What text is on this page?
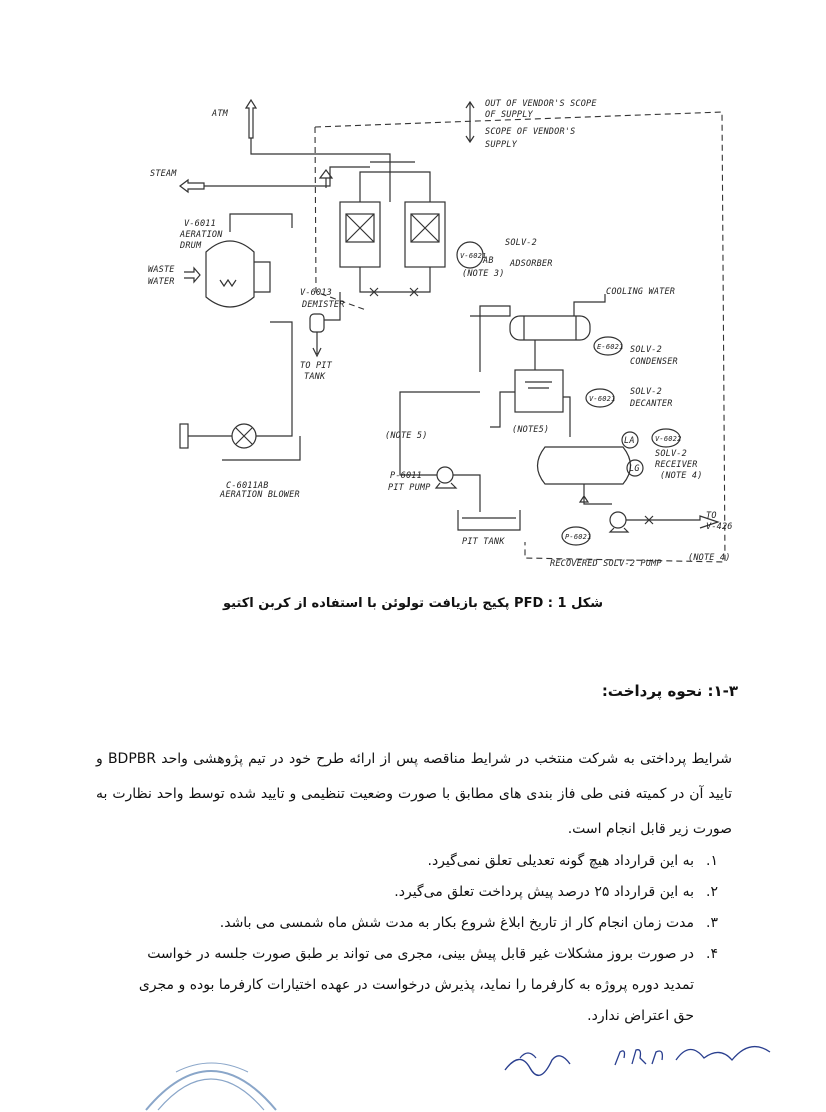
OUT OF VENDOR'S SCOPE
OF SUPPLY
SCOPE OF VENDOR'S
SUPPLY
ATM
STEAM
V-6021
AB
SOLV-2
ADSORBER
(NOTE 3)
V-6011
AERATION
DRUM
WASTE
WATER
V-6013
DEMISTER
TO PIT
TANK
COOLING WATER
E-6021 SOLV-2
CONDENSER
V-6021
SOLV-2
DECANTER
(NOTE 5)
(NOTE5)
LA
LG
V-6022
SOLV-2
RECEIVER
(NOTE 4)
C-6011AB
AERATION BLOWER
P-6011
PIT PUMP
PIT TANK	P-6021
TO
V-426
RECOVERED SOLV-2 PUMP
(NOTE 4)
شکل 1 : PFD پکیج بازیافت تولوئن با استفاده از کربن اکتیو
۱-۳: نحوه پرداخت:

شرایط پرداختی به شرکت منتخب در شرایط مناقصه پس از ارائه طرح خود در تیم پژوهشی واحد BDPBR و تایید آن در کمیته فنی طی فاز بندی های مطابق با صورت وضعیت تنظیمی و تایید شده توسط واحد نظارت به صورت زیر قابل انجام است.

۱.
به این قرارداد هیچ گونه تعدیلی تعلق نمی‌گیرد.
۲.
به این قرارداد ۲۵ درصد پیش پرداخت تعلق می‌گیرد.
۳.
مدت زمان انجام کار از تاریخ ابلاغ شروع بکار به مدت شش ماه شمسی می باشد.
۴.
در صورت بروز مشکلات غیر قابل پیش بینی، مجری می تواند بر طبق صورت جلسه در خواست تمدید دوره پروژه به کارفرما را نماید، پذیرش درخواست در عهده اختیارات کارفرما بوده و مجری حق اعتراض ندارد.
